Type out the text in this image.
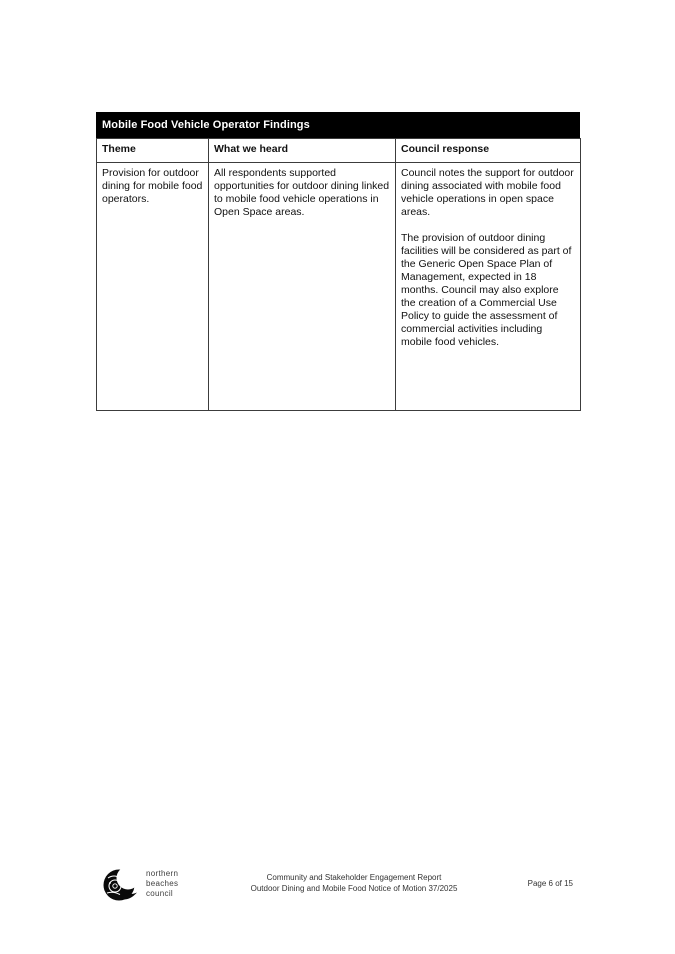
Mobile Food Vehicle Operator Findings
Theme	What we heard	Council response
Provision for outdoor dining for mobile food operators.	All respondents supported opportunities for outdoor dining linked to mobile food vehicle operations in Open Space areas.	Council notes the support for outdoor dining associated with mobile food vehicle operations in open space areas.

The provision of outdoor dining facilities will be considered as part of the Generic Open Space Plan of Management, expected in 18 months. Council may also explore the creation of a Commercial Use Policy to guide the assessment of commercial activities including mobile food vehicles.

northern
beaches
council
Community and Stakeholder Engagement Report
Outdoor Dining and Mobile Food Notice of Motion 37/2025	Page 6 of 15
